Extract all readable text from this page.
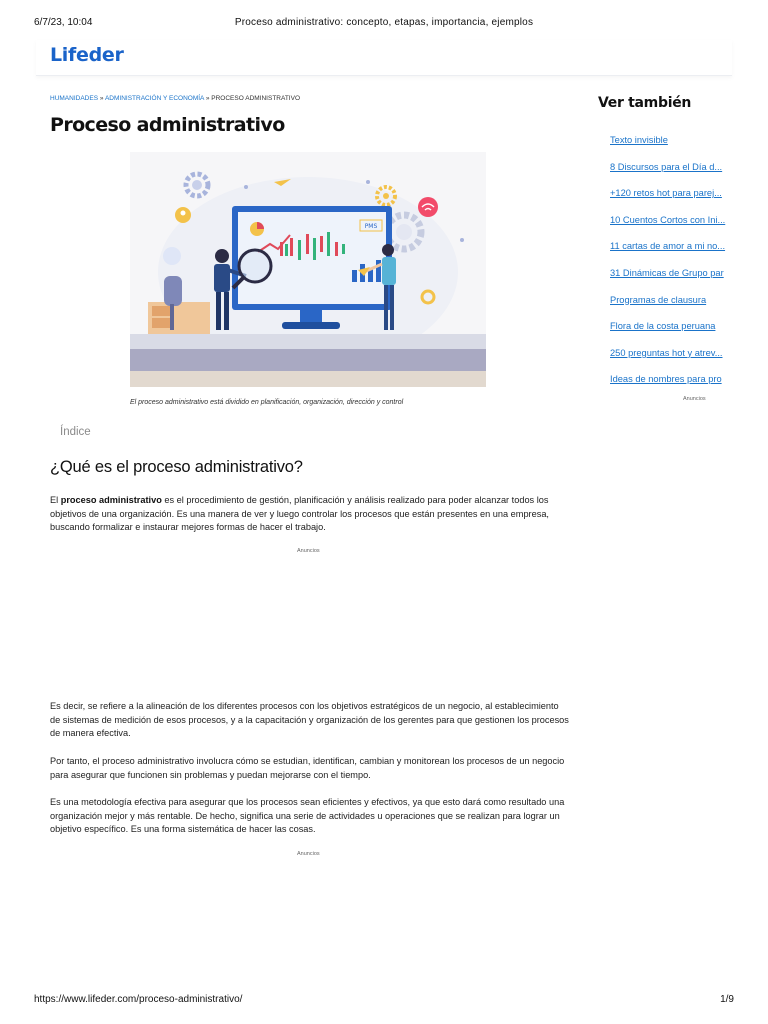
6/7/23, 10:04	Proceso administrativo: concepto, etapas, importancia, ejemplos
Lifeder
HUMANIDADES » ADMINISTRACIÓN Y ECONOMÍA » PROCESO ADMINISTRATIVO
Proceso administrativo
PMS
El proceso administrativo está dividido en planificación, organización, dirección y control
Índice
¿Qué es el proceso administrativo?

El proceso administrativo es el procedimiento de gestión, planificación y análisis realizado para poder alcanzar todos los objetivos de una organización. Es una manera de ver y luego controlar los procesos que están presentes en una empresa, buscando formalizar e instaurar mejores formas de hacer el trabajo.

Anuncios

Es decir, se refiere a la alineación de los diferentes procesos con los objetivos estratégicos de un negocio, al establecimiento de sistemas de medición de esos procesos, y a la capacitación y organización de los gerentes para que gestionen los procesos de manera efectiva.

Por tanto, el proceso administrativo involucra cómo se estudian, identifican, cambian y monitorean los procesos de un negocio para asegurar que funcionen sin problemas y puedan mejorarse con el tiempo.

Es una metodología efectiva para asegurar que los procesos sean eficientes y efectivos, ya que esto dará como resultado una organización mejor y más rentable. De hecho, significa una serie de actividades u operaciones que se realizan para lograr un objetivo específico. Es una forma sistemática de hacer las cosas.

Anuncios
Ver también
Texto invisible
8 Discursos para el Día d...
+120 retos hot para parej...
10 Cuentos Cortos con Ini...
11 cartas de amor a mi no...
31 Dinámicas de Grupo par
Programas de clausura
Flora de la costa peruana
250 preguntas hot y atrev...
Ideas de nombres para pro
Anuncios
https://www.lifeder.com/proceso-administrativo/	1/9
